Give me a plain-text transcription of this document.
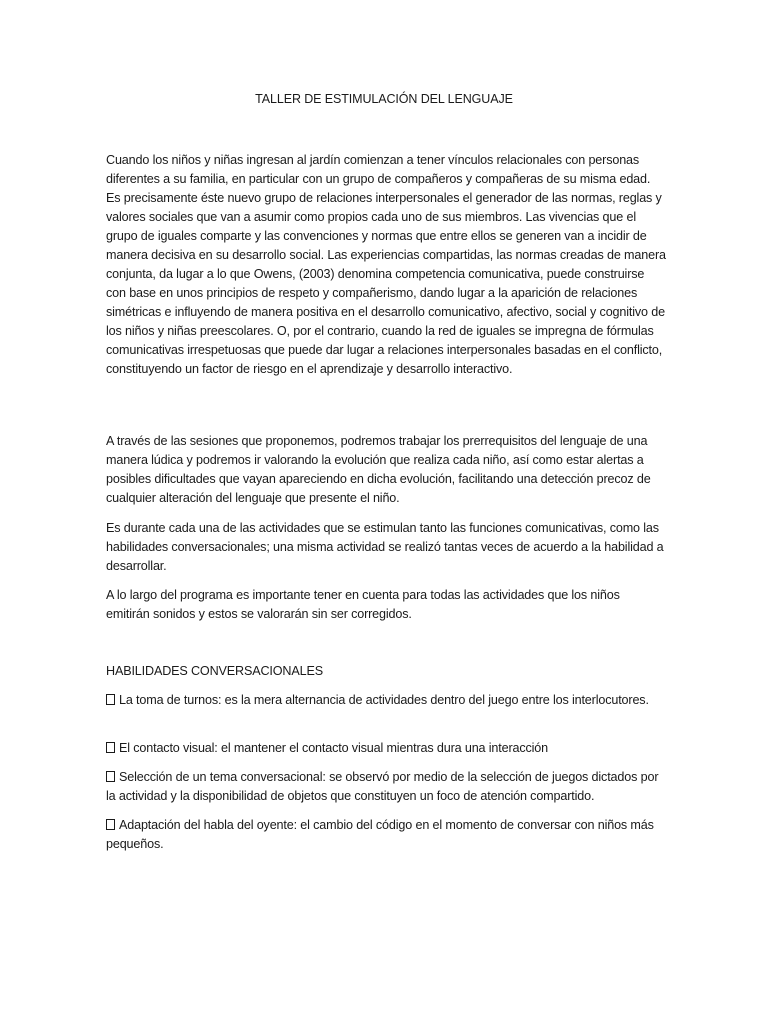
TALLER DE ESTIMULACIÓN DEL LENGUAJE
Cuando los niños y niñas ingresan al jardín comienzan a tener vínculos relacionales con personas diferentes a su familia, en particular con un grupo de compañeros y compañeras de su misma edad. Es precisamente éste nuevo grupo de relaciones interpersonales el generador de las normas, reglas y valores sociales que van a asumir como propios cada uno de sus miembros. Las vivencias que el grupo de iguales comparte y las convenciones y normas que entre ellos se generen van a incidir de manera decisiva en su desarrollo social. Las experiencias compartidas, las normas creadas de manera conjunta, da lugar a lo que Owens, (2003) denomina competencia comunicativa, puede construirse con base en unos principios de respeto y compañerismo, dando lugar a la aparición de relaciones simétricas e influyendo de manera positiva en el desarrollo comunicativo, afectivo, social y cognitivo de los niños y niñas preescolares. O, por el contrario, cuando la red de iguales se impregna de fórmulas comunicativas irrespetuosas que puede dar lugar a relaciones interpersonales basadas en el conflicto, constituyendo un factor de riesgo en el aprendizaje y desarrollo interactivo.
A través de las sesiones que proponemos, podremos trabajar los prerrequisitos del lenguaje de una manera lúdica y podremos ir valorando la evolución que realiza cada niño, así como estar alertas a posibles dificultades que vayan apareciendo en dicha evolución, facilitando una detección precoz de cualquier alteración del lenguaje que presente el niño.
Es durante cada una de las actividades que se estimulan tanto las funciones comunicativas, como las habilidades conversacionales; una misma actividad se realizó tantas veces de acuerdo a la habilidad a desarrollar.
A lo largo del programa es importante tener en cuenta para todas las actividades que los niños emitirán sonidos y estos se valorarán sin ser corregidos.
HABILIDADES CONVERSACIONALES
La toma de turnos: es la mera alternancia de actividades dentro del juego entre los interlocutores.
El contacto visual: el mantener el contacto visual mientras dura una interacción
Selección de un tema conversacional: se observó por medio de la selección de juegos dictados por la actividad y la disponibilidad de objetos que constituyen un foco de atención compartido.
Adaptación del habla del oyente: el cambio del código en el momento de conversar con niños más pequeños.
